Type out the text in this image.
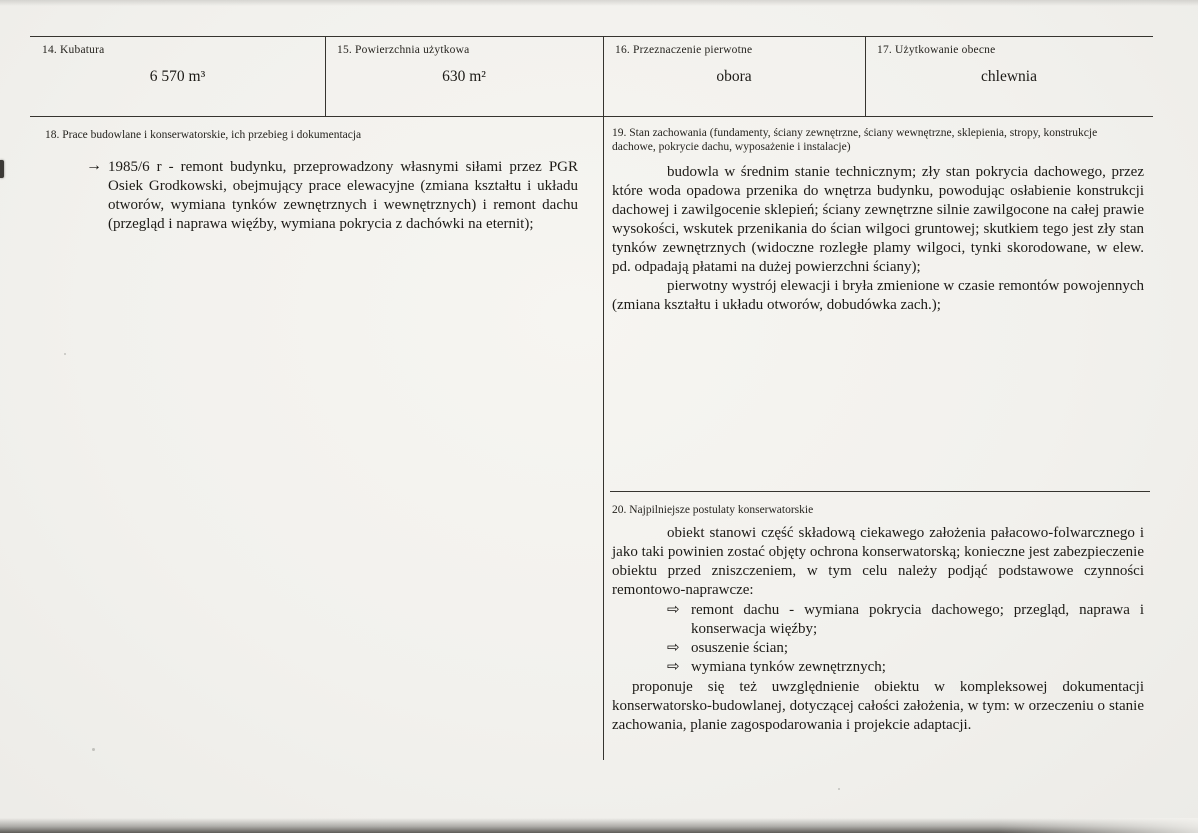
14. Kubatura
6 570 m³
15. Powierzchnia użytkowa
630 m²
16. Przeznaczenie pierwotne
obora
17. Użytkowanie obecne
chlewnia
18. Prace budowlane i konserwatorskie, ich przebieg i dokumentacja
→ 1985/6 r - remont budynku, przeprowadzony własnymi siłami przez PGR Osiek Grodkowski, obejmujący prace elewacyjne (zmiana kształtu i układu otworów, wymiana tynków zewnętrznych i wewnętrznych) i remont dachu (przegląd i naprawa więźby, wymiana pokrycia z dachówki na eternit);
19. Stan zachowania (fundamenty, ściany zewnętrzne, ściany wewnętrzne, sklepienia, stropy, konstrukcje dachowe, pokrycie dachu, wyposażenie i instalacje)

budowla w średnim stanie technicznym; zły stan pokrycia dachowego, przez które woda opadowa przenika do wnętrza budynku, powodując osłabienie konstrukcji dachowej i zawilgocenie sklepień; ściany zewnętrzne silnie zawilgocone na całej prawie wysokości, wskutek przenikania do ścian wilgoci gruntowej; skutkiem tego jest zły stan tynków zewnętrznych (widoczne rozległe plamy wilgoci, tynki skorodowane, w elew. pd. odpadają płatami na dużej powierzchni ściany);

pierwotny wystrój elewacji i bryła zmienione w czasie remontów powojennych (zmiana kształtu i układu otworów, dobudówka zach.);

20. Najpilniejsze postulaty konserwatorskie

obiekt stanowi część składową ciekawego założenia pałacowo-folwarcznego i jako taki powinien zostać objęty ochrona konserwatorską; konieczne jest zabezpieczenie obiektu przed zniszczeniem, w tym celu należy podjąć podstawowe czynności remontowo-naprawcze:

⇨ remont dachu - wymiana pokrycia dachowego; przegląd, naprawa i konserwacja więźby;
⇨ osuszenie ścian;
⇨ wymiana tynków zewnętrznych;

proponuje się też uwzględnienie obiektu w kompleksowej dokumentacji konserwatorsko-budowlanej, dotyczącej całości założenia, w tym: w orzeczeniu o stanie zachowania, planie zagospodarowania i projekcie adaptacji.
